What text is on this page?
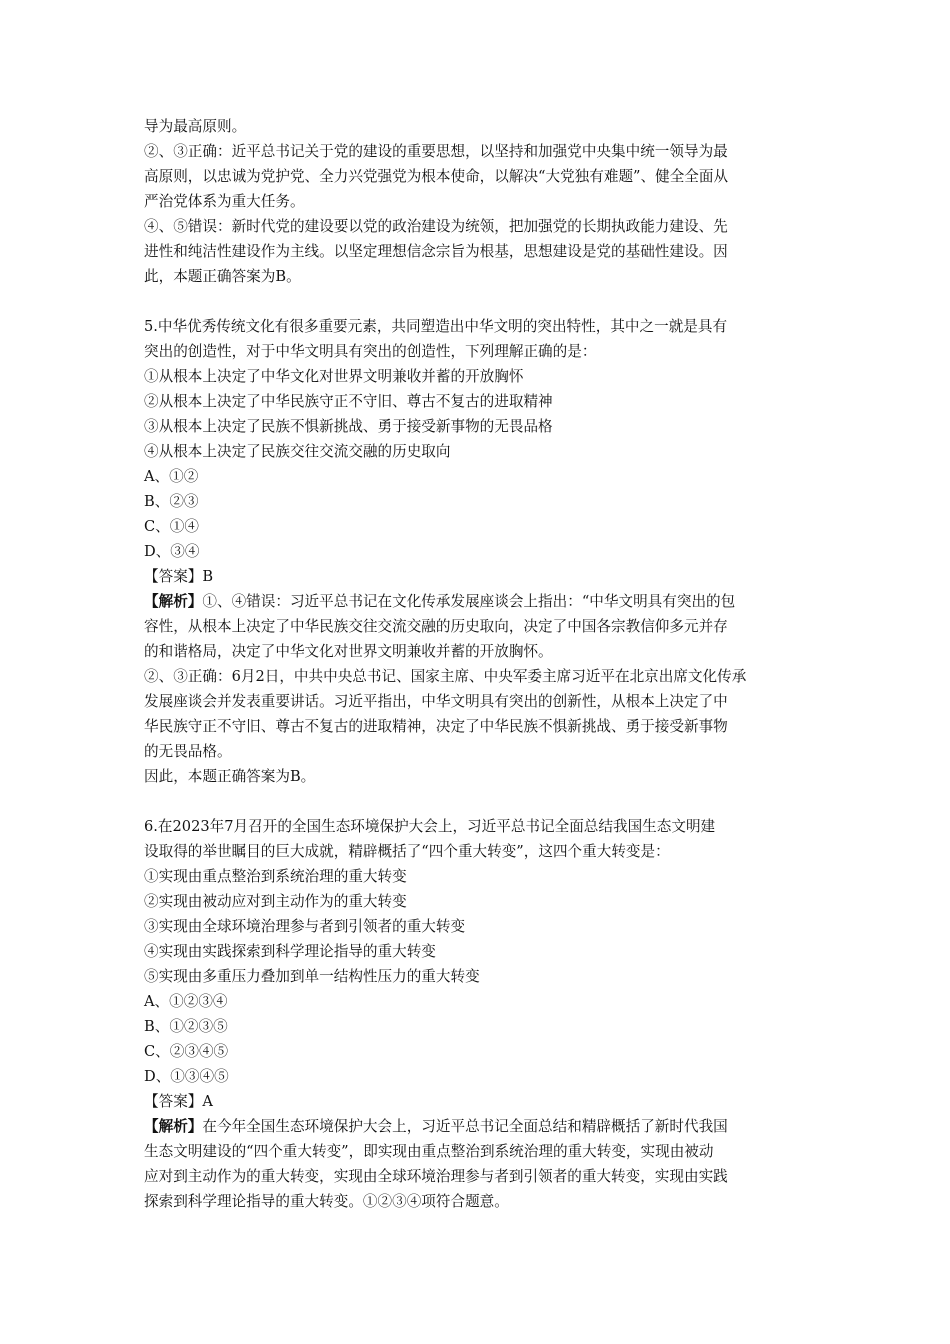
导为最高原则。
②、③正确：近平总书记关于党的建设的重要思想，以坚持和加强党中央集中统一领导为最
高原则，以忠诚为党护党、全力兴党强党为根本使命，以解决“大党独有难题”、健全全面从
严治党体系为重大任务。
④、⑤错误：新时代党的建设要以党的政治建设为统领，把加强党的长期执政能力建设、先
进性和纯洁性建设作为主线。以坚定理想信念宗旨为根基，思想建设是党的基础性建设。因
此，本题正确答案为B。
5.中华优秀传统文化有很多重要元素，共同塑造出中华文明的突出特性，其中之一就是具有
突出的创造性，对于中华文明具有突出的创造性，下列理解正确的是：
①从根本上决定了中华文化对世界文明兼收并蓄的开放胸怀
②从根本上决定了中华民族守正不守旧、尊古不复古的进取精神
③从根本上决定了民族不惧新挑战、勇于接受新事物的无畏品格
④从根本上决定了民族交往交流交融的历史取向
A、①②
B、②③
C、①④
D、③④
【答案】B
【解析】①、④错误：习近平总书记在文化传承发展座谈会上指出：“中华文明具有突出的包
容性，从根本上决定了中华民族交往交流交融的历史取向，决定了中国各宗教信仰多元并存
的和谐格局，决定了中华文化对世界文明兼收并蓄的开放胸怀。
②、③正确：6月2日，中共中央总书记、国家主席、中央军委主席习近平在北京出席文化传承
发展座谈会并发表重要讲话。习近平指出，中华文明具有突出的创新性，从根本上决定了中
华民族守正不守旧、尊古不复古的进取精神，决定了中华民族不惧新挑战、勇于接受新事物
的无畏品格。
因此，本题正确答案为B。
6.在2023年7月召开的全国生态环境保护大会上，习近平总书记全面总结我国生态文明建
设取得的举世瞩目的巨大成就，精辟概括了“四个重大转变”，这四个重大转变是：
①实现由重点整治到系统治理的重大转变
②实现由被动应对到主动作为的重大转变
③实现由全球环境治理参与者到引领者的重大转变
④实现由实践探索到科学理论指导的重大转变
⑤实现由多重压力叠加到单一结构性压力的重大转变
A、①②③④
B、①②③⑤
C、②③④⑤
D、①③④⑤
【答案】A
【解析】在今年全国生态环境保护大会上，习近平总书记全面总结和精辟概括了新时代我国
生态文明建设的“四个重大转变”，即实现由重点整治到系统治理的重大转变，实现由被动
应对到主动作为的重大转变，实现由全球环境治理参与者到引领者的重大转变，实现由实践
探索到科学理论指导的重大转变。①②③④项符合题意。
